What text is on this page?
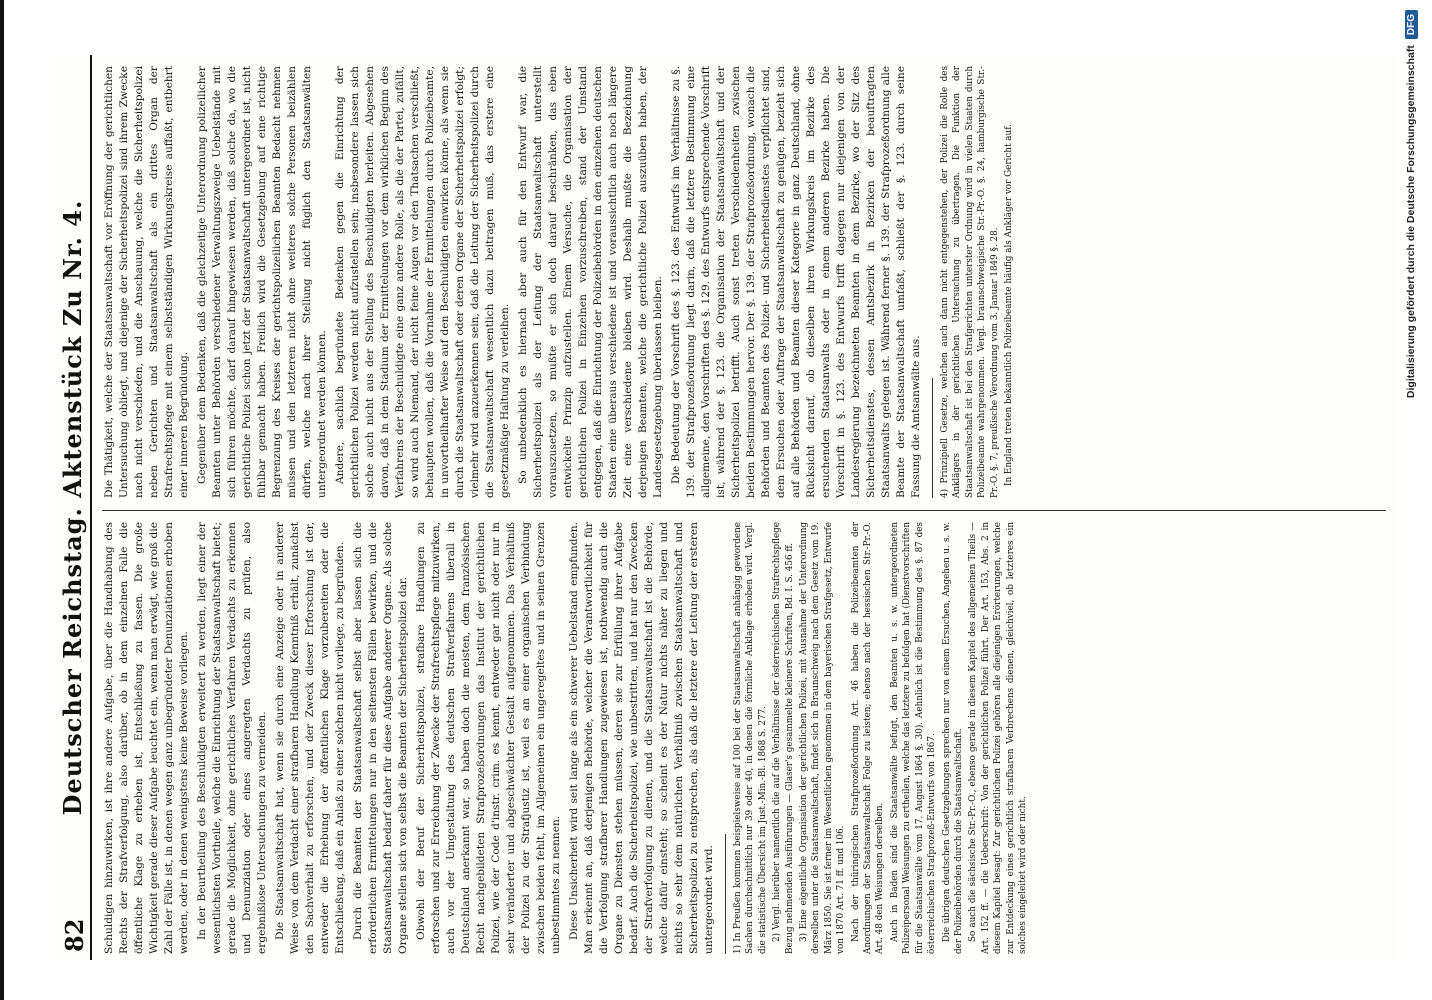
82
Deutscher Reichstag. Aktenstück Zu Nr. 4. Schuldigen hinzuwirken, ist ihre andere Aufgabe, über die Handhabung des Rechts der Strafverfolgung, also darüber, ob in dem einzelnen Falle die öffentliche Klage zu erheben ist, Entschließung zu fassen. Die große Wichtigkeit gerade dieser Aufgabe leuchtet ein, wenn man erwägt, wie groß die Zahl der Fälle ist, in denen wegen ganz unbegründeter Denunziationen erhoben werden, oder in denen wenigstens keine Beweise vorliegen. In der Beurtheilung des Beschuldigten erweitert zu werden, liegt einer der wesentlichsten Vortheile, welche die Einrichtung der Staatsanwaltschaft bietet; gerade die Möglichkeit, ohne gerichtliches Verfahren Verdachts zu erkennen und Denunziation oder eines angeregten Verdachts zu prüfen, also ergebnißlose Untersuchungen zu vermeiden. Die Staatsanwaltschaft hat, wenn sie durch eine Anzeige oder in anderer Weise von dem Verdacht einer strafbaren Handlung Kenntniß erhält, zunächst den Sachverhalt zu erforschen, und der Zweck dieser Erforschung ist der, entweder die Erhebung der öffentlichen Klage vorzubereiten oder die Entschließung, daß ein Anlaß zu einer solchen nicht vorliege, zu begründen. Durch die Beamten der Staatsanwaltschaft selbst aber lassen sich die erforderlichen Ermittelungen nur in den seltensten Fällen bewirken, und die Staatsanwaltschaft bedarf daher für diese Aufgabe anderer Organe. Als solche Organe stellen sich von selbst die Beamten der Sicherheitspolizei dar. Obwohl der Beruf der Sicherheitspolizei, strafbare Handlungen zu erforschen und zur Erreichung der Zwecke der Strafrechtspflege mitzuwirken, auch vor der Umgestaltung des deutschen Strafverfahrens überall in Deutschland anerkannt war, so haben doch die meisten, dem französischen Recht nachgebildeten Strafprozeßordnungen das Institut der gerichtlichen Polizei, wie der Code d'instr. crim. es kennt, entweder gar nicht oder nur in sehr veränderter und abgeschwächter Gestalt aufgenommen. Das Verhältniß der Polizei zu der Strafjustiz ist, weil es an einer organischen Verbindung zwischen beiden fehlt, im Allgemeinen ein ungeregeltes und in seinen Grenzen unbestimmtes zu nennen. Diese Unsicherheit wird seit lange als ein schwerer Uebelstand empfunden. Man erkennt an, daß derjenigen Behörde, welcher die Verantwortlichkeit für die Verfolgung strafbarer Handlungen zugewiesen ist, nothwendig auch die Organe zu Diensten stehen müssen, deren sie zur Erfüllung ihrer Aufgabe bedarf. Auch die Sicherheitspolizei, wie unbestritten, und hat nur den Zwecken der Strafverfolgung zu dienen, und die Staatsanwaltschaft ist die Behörde, welche dafür einsteht; so scheint es der Natur nichts näher zu liegen und nichts so sehr dem natürlichen Verhältniß zwischen Staatsanwaltschaft und Sicherheitspolizei zu entsprechen, als daß die letztere der Leitung der ersteren untergeordnet wird. 1) In Preußen kommen beispielsweise auf 100 bei der Staatsanwaltschaft anhängig gewordene Sachen durchschnittlich nur 39 oder 40, in denen die förmliche Anklage erhoben wird. Vergl. die statistische Übersicht im Just.-Min.-Bl. 1868 S. 277. 2) Vergl. hierüber namentlich die auf die Verhältnisse der österreichischen Strafrechtspflege Bezug nehmenden Ausführungen — Glaser's gesammelte kleinere Schriften, Bd. I. S. 456 ff. 3) Eine eigentliche Organisation der gerichtlichen Polizei, mit Ausnahme der Unterordnung derselben unter die Staatsanwaltschaft, findet sich in Braunschweig nach dem Gesetz vom 19. März 1850. Sie ist ferner im Wesentlichen genommen in dem bayerischen Strafgesetz, Entwurfe von 1870 Art. 71 ff. und 106. Nach der thüringischen Strafprozeßordnung Art. 46 haben die Polizeibeamten der Anordnungen der Staatsanwaltschaft Folge zu leisten; ebenso nach der hessischen Str.-Pr.-O. Art. 48 den Weisungen derselben. Auch in Baden sind die Staatsanwälte befugt, den Beamten u. s. w. untergeordneten Polizeipersonal Weisungen zu ertheilen, welche das letztere zu befolgen hat (Dienstvorschriften für die Staatsanwälte vom 17. August 1864 §. 30). Aehnlich ist die Bestimmung des §. 87 des österreichischen Strafprozeß-Entwurfs von 1867. Die übrigen deutschen Gesetzgebungen sprechen nur von einem Ersuchen, Angehen u. s. w. der Polizeibehörden durch die Staatsanwaltschaft. So auch die sächsische Str.-Pr.-O., ebenso gerade in diesem Kapitel des allgemeinen Theils — Art. 152 ff. — die Ueberschrift: Von der gerichtlichen Polizei führt. Der Art. 153, Abs. 2 in diesem Kapitel besagt: Zur gerichtlichen Polizei gehören alle diejenigen Erörterungen, welche zur Entdeckung eines gerichtlich strafbaren Verbrechens dienen, gleichviel, ob letzteres ein solches eingeleitet wird oder nicht.

Die Thätigkeit, welche der Staatsanwaltschaft vor Eröffnung der gerichtlichen Untersuchung obliegt, und diejenige der Sicherheitspolizei sind ihrem Zwecke nach nicht verschieden, und die Anschauung, welche die Sicherheitspolizei neben Gerichten und Staatsanwaltschaft als ein drittes Organ der Strafrechtspflege mit einem selbstständigen Wirkungskreise auffaßt, entbehrt einer inneren Begründung. Gegenüber dem Bedenken, daß die gleichzeitige Unterordnung polizeilicher Beamten unter Behörden verschiedener Verwaltungszweige Uebelstände mit sich führen möchte, darf darauf hingewiesen werden, daß solche da, wo die gerichtliche Polizei schon jetzt der Staatsanwaltschaft untergeordnet ist, nicht fühlbar gemacht haben. Freilich wird die Gesetzgebung auf eine richtige Begrenzung des Kreises der gerichtspolizeilichen Beamten Bedacht nehmen müssen und den letzteren nicht ohne weiteres solche Personen beizählen dürfen, welche nach ihrer Stellung nicht füglich den Staatsanwälten untergeordnet werden können. Andere, sachlich begründete Bedenken gegen die Einrichtung der gerichtlichen Polizei werden nicht aufzustellen sein; insbesondere lassen sich solche auch nicht aus der Stellung des Beschuldigten herleiten. Abgesehen davon, daß in dem Stadium der Ermittelungen vor dem wirklichen Beginn des Verfahrens der Beschuldigte eine ganz andere Rolle, als die der Partei, zufällt, so wird auch Niemand, der nicht feine Augen vor den Thatsachen verschließt, behaupten wollen, daß die Vornahme der Ermittelungen durch Polizeibeamte, in unvortheilhafter Weise auf den Beschuldigten einwirken könne, als wenn sie durch die Staatsanwaltschaft oder deren Organe der Sicherheitspolizei erfolgt; vielmehr wird anzuerkennen sein, daß die Leitung der Sicherheitspolizei durch die Staatsanwaltschaft wesentlich dazu beitragen muß, das erstere eine gesetzmäßige Haltung zu verleihen. So unbedenklich es hiernach aber auch für den Entwurf war, die Sicherheitspolizei als der Leitung der Staatsanwaltschaft unterstellt vorauszusetzen, so mußte er sich doch darauf beschränken, das eben entwickelte Prinzip aufzustellen. Einem Versuche, die Organisation der gerichtlichen Polizei in Einzelnen vorzuschreiben, stand der Umstand entgegen, daß die Einrichtung der Polizeibehörden in den einzelnen deutschen Staaten eine überaus verschiedene ist und voraussichtlich auch noch längere Zeit eine verschiedene bleiben wird. Deshalb mußte die Bezeichnung derjenigen Beamten, welche die gerichtliche Polizei auszuüben haben, der Landesgesetzgebung überlassen bleiben. Die Bedeutung der Vorschrift des §. 123. des Entwurfs im Verhältnisse zu §. 139. der Strafprozeßordnung liegt darin, daß die letztere Bestimmung eine allgemeine, den Vorschriften des §. 129. des Entwurfs entsprechende Vorschrift ist, während der §. 123. die Organisation der Staatsanwaltschaft und der Sicherheitspolizei betrifft. Auch sonst treten Verschiedenheiten zwischen beiden Bestimmungen hervor. Der §. 139. der Strafprozeßordnung, wonach die Behörden und Beamten des Polizei- und Sicherheitsdienstes verpflichtet sind, dem Ersuchen oder Auftrage der Staatsanwaltschaft zu genügen, bezieht sich auf alle Behörden und Beamten dieser Kategorie in ganz Deutschland, ohne Rücksicht darauf, ob dieselben ihren Wirkungskreis im Bezirke des ersuchenden Staatsanwalts oder in einem anderen Bezirke haben. Die Vorschrift in §. 123. des Entwurfs trifft dagegen nur diejenigen von der Landesregierung bezeichneten Beamten in dem Bezirke, wo der Sitz des Sicherheitsdienstes, dessen Amtsbezirk in Bezirken der beauftragten Staatsanwalts gelegen ist. Während ferner §. 139. der Strafprozeßordnung alle Beamte der Staatsanwaltschaft umfaßt, schließt der §. 123. durch seine Fassung die Amtsanwälte aus. 4) Prinzipiell Gesetze, welchen auch dann nicht entgegenstehen, der Polizei die Rolle des Anklägers in der gerichtlichen Untersuchung zu übertragen. Die Funktion der Staatsanwaltschaft ist bei den Strafgerichten unterster Ordnung wird in vielen Staaten durch Polizeibeamte wahrgenommen. Vergl. braunschweigische Str.-Pr.-O. §. 24, hamburgische Str.-Pr.-O. §. 7, preußische Verordnung vom 3. Januar 1849 §. 28. In England treten bekanntlich Polizeibeamte häufig als Ankläger vor Gericht auf.	Digitalisierung gefördert durch die Deutsche ForschungsgemeinschaftDFG
